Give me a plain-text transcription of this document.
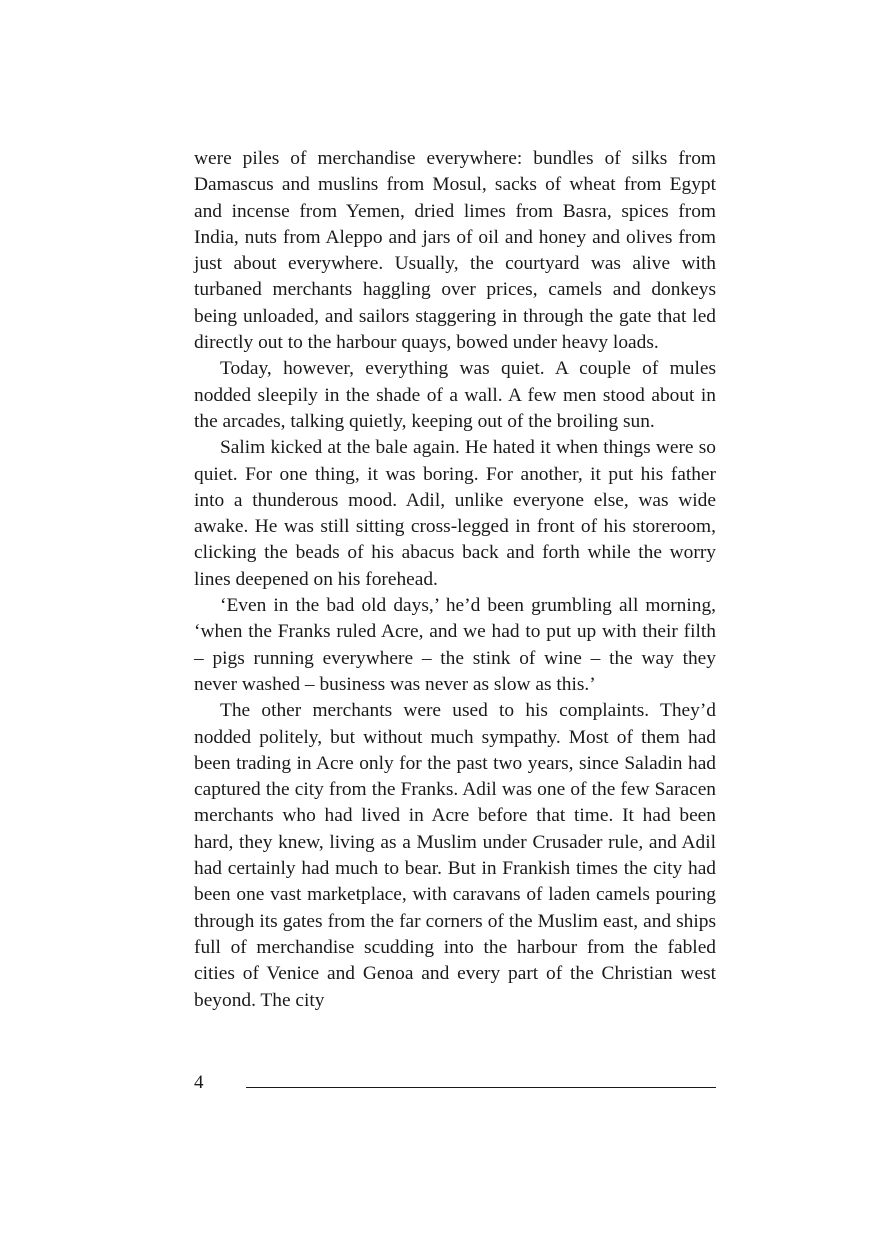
were piles of merchandise everywhere: bundles of silks from Damascus and muslins from Mosul, sacks of wheat from Egypt and incense from Yemen, dried limes from Basra, spices from India, nuts from Aleppo and jars of oil and honey and olives from just about everywhere. Usually, the courtyard was alive with turbaned merchants haggling over prices, camels and donkeys being unloaded, and sailors staggering in through the gate that led directly out to the harbour quays, bowed under heavy loads.

Today, however, everything was quiet. A couple of mules nodded sleepily in the shade of a wall. A few men stood about in the arcades, talking quietly, keeping out of the broiling sun.

Salim kicked at the bale again. He hated it when things were so quiet. For one thing, it was boring. For another, it put his father into a thunderous mood. Adil, unlike everyone else, was wide awake. He was still sitting cross-legged in front of his storeroom, clicking the beads of his abacus back and forth while the worry lines deepened on his forehead.

‘Even in the bad old days,’ he’d been grumbling all morning, ‘when the Franks ruled Acre, and we had to put up with their filth – pigs running everywhere – the stink of wine – the way they never washed – business was never as slow as this.’

The other merchants were used to his complaints. They’d nodded politely, but without much sympathy. Most of them had been trading in Acre only for the past two years, since Saladin had captured the city from the Franks. Adil was one of the few Saracen merchants who had lived in Acre before that time. It had been hard, they knew, living as a Muslim under Crusader rule, and Adil had certainly had much to bear. But in Frankish times the city had been one vast marketplace, with caravans of laden camels pouring through its gates from the far corners of the Muslim east, and ships full of merchandise scudding into the harbour from the fabled cities of Venice and Genoa and every part of the Christian west beyond. The city

4
